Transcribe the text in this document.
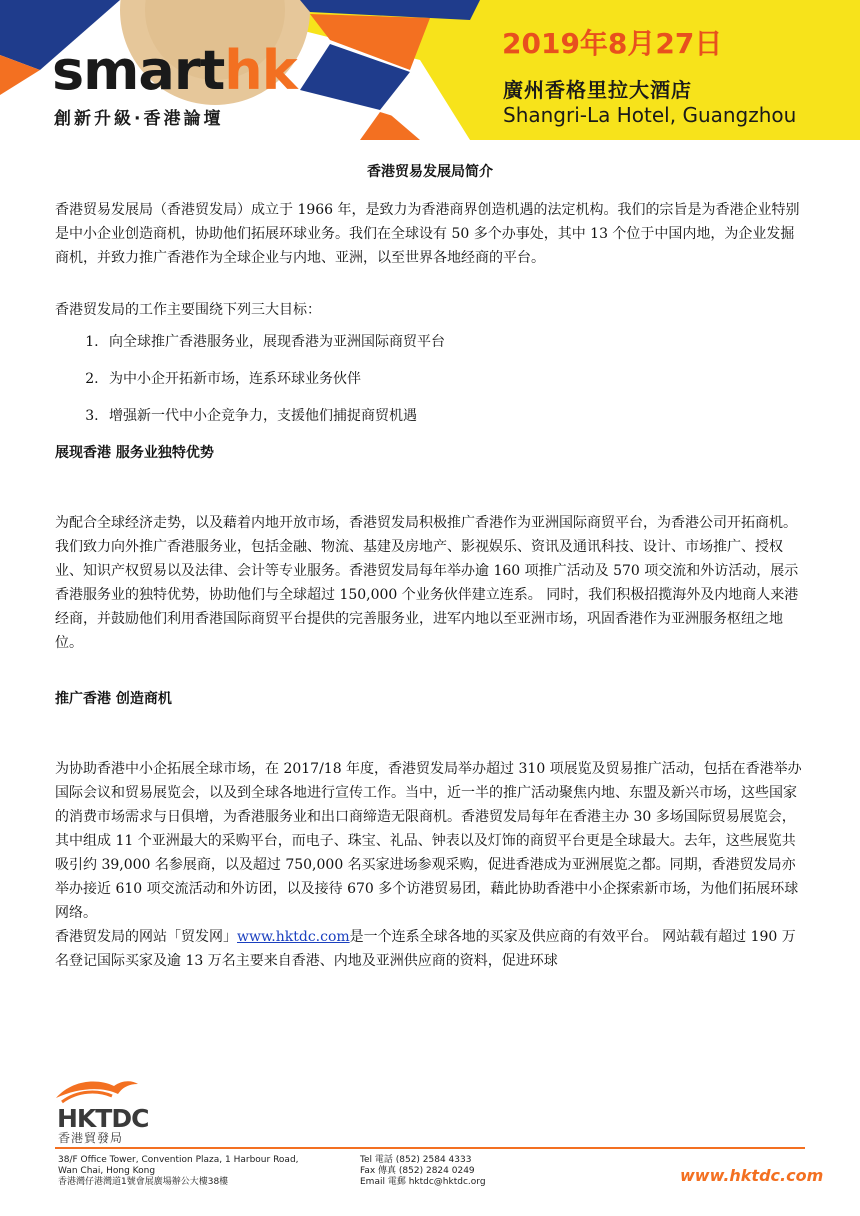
smarthk
創新升級·香港論壇
2019年8月27日
廣州香格里拉大酒店
Shangri-La Hotel, Guangzhou
香港贸易发展局简介

香港贸易发展局（香港贸发局）成立于 1966 年，是致力为香港商界创造机遇的法定机构。我们的宗旨是为香港企业特别是中小企业创造商机，协助他们拓展环球业务。我们在全球设有 50 多个办事处，其中 13 个位于中国内地，为企业发掘商机，并致力推广香港作为全球企业与内地、亚洲，以至世界各地经商的平台。

香港贸发局的工作主要围绕下列三大目标：

1. 向全球推广香港服务业，展现香港为亚洲国际商贸平台
2. 为中小企开拓新市场，连系环球业务伙伴
3. 增强新一代中小企竞争力，支援他们捕捉商贸机遇

展现香港 服务业独特优势

为配合全球经济走势，以及藉着内地开放市场，香港贸发局积极推广香港作为亚洲国际商贸平台，为香港公司开拓商机。我们致力向外推广香港服务业，包括金融、物流、基建及房地产、影视娱乐、资讯及通讯科技、设计、市场推广、授权业、知识产权贸易以及法律、会计等专业服务。香港贸发局每年举办逾 160 项推广活动及 570 项交流和外访活动，展示香港服务业的独特优势，协助他们与全球超过 150,000 个业务伙伴建立连系。 同时，我们积极招揽海外及内地商人来港经商，并鼓励他们利用香港国际商贸平台提供的完善服务业，进军内地以至亚洲市场，巩固香港作为亚洲服务枢纽之地位。

推广香港 创造商机

为协助香港中小企拓展全球市场，在 2017/18 年度，香港贸发局举办超过 310 项展览及贸易推广活动，包括在香港举办国际会议和贸易展览会，以及到全球各地进行宣传工作。当中，近一半的推广活动聚焦内地、东盟及新兴市场，这些国家的消费市场需求与日俱增，为香港服务业和出口商缔造无限商机。香港贸发局每年在香港主办 30 多场国际贸易展览会，其中组成 11 个亚洲最大的采购平台，而电子、珠宝、礼品、钟表以及灯饰的商贸平台更是全球最大。去年，这些展览共吸引约 39,000 名参展商，以及超过 750,000 名买家进场参观采购，促进香港成为亚洲展览之都。同期，香港贸发局亦举办接近 610 项交流活动和外访团，以及接待 670 多个访港贸易团，藉此协助香港中小企探索新市场，为他们拓展环球网络。

香港贸发局的网站「贸发网」www.hktdc.com是一个连系全球各地的买家及供应商的有效平台。 网站载有超过 190 万名登记国际买家及逾 13 万名主要来自香港、内地及亚洲供应商的资料，促进环球

HKTDC
香港貿發局
38/F Office Tower, Convention Plaza, 1 Harbour Road,
Wan Chai, Hong Kong
香港灣仔港灣道1號會展廣場辦公大樓38樓
Tel 電話 (852) 2584 4333
Fax 傳真 (852) 2824 0249
Email 電郵 hktdc@hktdc.org	www.hktdc.com
